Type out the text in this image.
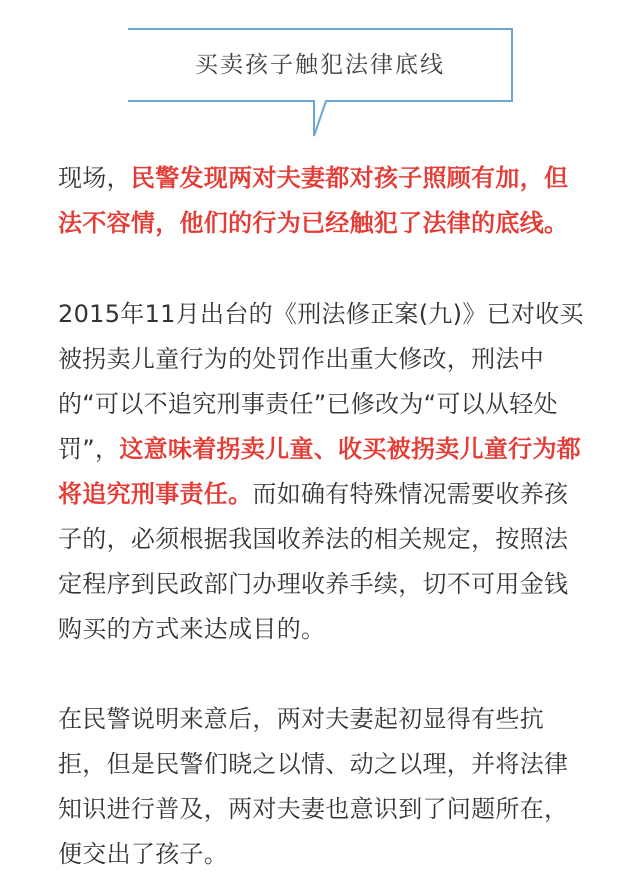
买卖孩子触犯法律底线

现场，民警发现两对夫妻都对孩子照顾有加，但法不容情，他们的行为已经触犯了法律的底线。

2015年11月出台的《刑法修正案(九)》已对收买被拐卖儿童行为的处罚作出重大修改，刑法中的“可以不追究刑事责任”已修改为“可以从轻处罚”，这意味着拐卖儿童、收买被拐卖儿童行为都将追究刑事责任。而如确有特殊情况需要收养孩子的，必须根据我国收养法的相关规定，按照法定程序到民政部门办理收养手续，切不可用金钱购买的方式来达成目的。

在民警说明来意后，两对夫妻起初显得有些抗拒，但是民警们晓之以情、动之以理，并将法律知识进行普及，两对夫妻也意识到了问题所在，便交出了孩子。
